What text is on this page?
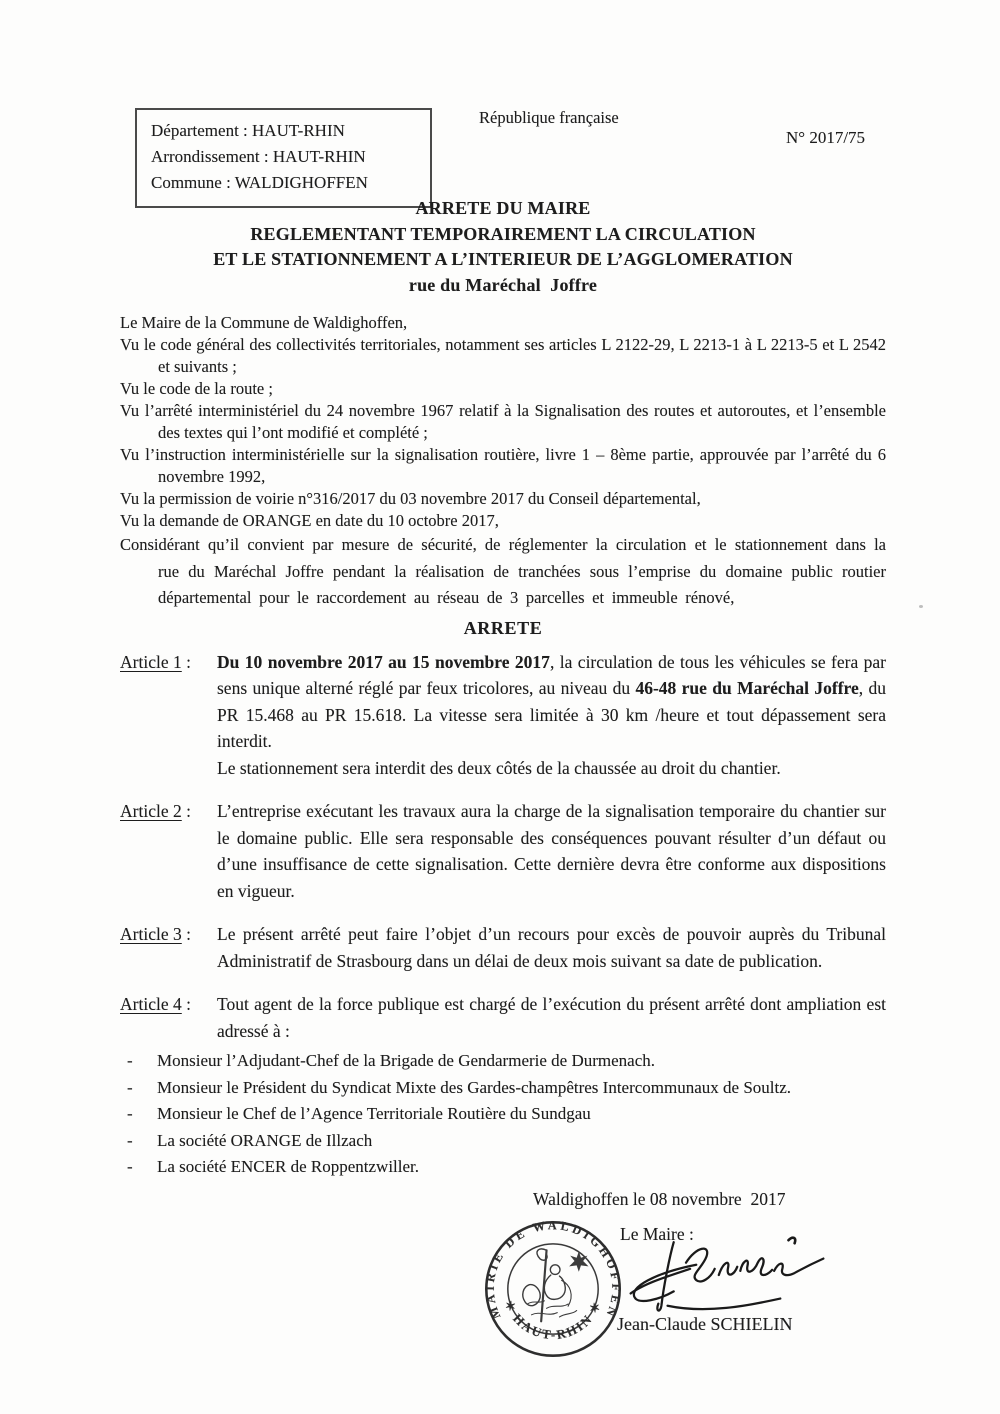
Département : HAUT-RHIN
Arrondissement : HAUT-RHIN
Commune : WALDIGHOFFEN
République française
N° 2017/75
ARRETE DU MAIRE
REGLEMENTANT TEMPORAIREMENT LA CIRCULATION
ET LE STATIONNEMENT A L’INTERIEUR DE L’AGGLOMERATION
rue du Maréchal  Joffre

Le Maire de la Commune de Waldighoffen,

Vu le code général des collectivités territoriales, notamment ses articles L 2122-29, L 2213-1 à L 2213-5 et L 2542 et suivants ;

Vu le code de la route ;

Vu l’arrêté interministériel du 24 novembre 1967 relatif à la Signalisation des routes et autoroutes, et l’ensemble des textes qui l’ont modifié et complété ;

Vu l’instruction interministérielle sur la signalisation routière, livre 1 – 8ème partie, approuvée par l’arrêté du 6 novembre 1992,

Vu la permission de voirie n°316/2017 du 03 novembre 2017 du Conseil départemental,

Vu la demande de ORANGE en date du 10 octobre 2017,

Considérant qu’il convient par mesure de sécurité, de réglementer la circulation et le stationnement dans la rue du Maréchal Joffre pendant la réalisation de tranchées sous l’emprise du domaine public routier départemental pour le raccordement au réseau de 3 parcelles et immeuble rénové,

ARRETE
Article 1 :	Du 10 novembre 2017 au 15 novembre 2017, la circulation de tous les véhicules se fera par sens unique alterné réglé par feux tricolores, au niveau du 46-48 rue du Maréchal Joffre, du PR 15.468 au PR 15.618. La vitesse sera limitée à 30 km /heure et tout dépassement sera interdit.

Le stationnement sera interdit des deux côtés de la chaussée au droit du chantier.

Article 2 :	L’entreprise exécutant les travaux aura la charge de la signalisation temporaire du chantier sur le domaine public. Elle sera responsable des conséquences pouvant résulter d’un défaut ou d’une insuffisance de cette signalisation. Cette dernière devra être conforme aux dispositions en vigueur.

Article 3 :	Le présent arrêté peut faire l’objet d’un recours pour excès de pouvoir auprès du Tribunal Administratif de Strasbourg dans un délai de deux mois suivant sa date de publication.

Article 4 :	Tout agent de la force publique est chargé de l’exécution du présent arrêté dont ampliation est adressé à :

-	Monsieur l’Adjudant-Chef de la Brigade de Gendarmerie de Durmenach.
-	Monsieur le Président du Syndicat Mixte des Gardes-champêtres Intercommunaux de Soultz.
-	Monsieur le Chef de l’Agence Territoriale Routière du Sundgau
-	La société ORANGE de Illzach
-	La société ENCER de Roppentzwiller.
Waldighoffen le 08 novembre  2017
MAIRIE DE WALDIGHOFFEN
✶ HAUT-RHIN ✶
Le Maire :
Jean-Claude SCHIELIN
